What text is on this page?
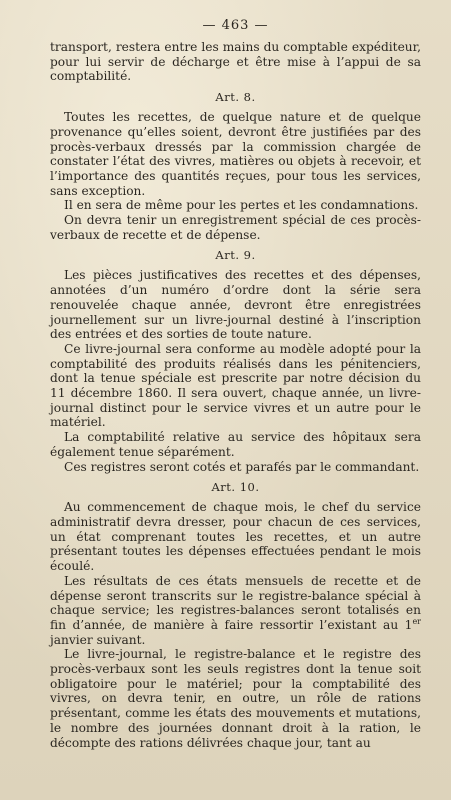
— 463 —

transport, restera entre les mains du comptable expéditeur, pour lui servir de décharge et être mise à l’appui de sa comptabilité.

Art. 8.

Toutes les recettes, de quelque nature et de quelque provenance qu’elles soient, devront être justifiées par des procès-verbaux dressés par la commission chargée de constater l’état des vivres, matières ou objets à recevoir, et l’importance des quantités reçues, pour tous les services, sans exception.

Il en sera de même pour les pertes et les condamnations.

On devra tenir un enregistrement spécial de ces procès-verbaux de recette et de dépense.

Art. 9.

Les pièces justificatives des recettes et des dépenses, annotées d’un numéro d’ordre dont la série sera renouvelée chaque année, devront être enregistrées journellement sur un livre-journal destiné à l’inscription des entrées et des sorties de toute nature.

Ce livre-journal sera conforme au modèle adopté pour la comptabilité des produits réalisés dans les pénitenciers, dont la tenue spéciale est prescrite par notre décision du 11 décembre 1860. Il sera ouvert, chaque année, un livre-journal distinct pour le service vivres et un autre pour le matériel.

La comptabilité relative au service des hôpitaux sera également tenue séparément.

Ces registres seront cotés et parafés par le commandant.

Art. 10.

Au commencement de chaque mois, le chef du service administratif devra dresser, pour chacun de ces services, un état comprenant toutes les recettes, et un autre présentant toutes les dépenses effectuées pendant le mois écoulé.

Les résultats de ces états mensuels de recette et de dépense seront transcrits sur le registre-balance spécial à chaque service; les registres-balances seront totalisés en fin d’année, de manière à faire ressortir l’existant au 1er janvier suivant.

Le livre-journal, le registre-balance et le registre des procès-verbaux sont les seuls registres dont la tenue soit obligatoire pour le matériel; pour la comptabilité des vivres, on devra tenir, en outre, un rôle de rations présentant, comme les états des mouvements et mutations, le nombre des journées donnant droit à la ration, le décompte des rations délivrées chaque jour, tant au
